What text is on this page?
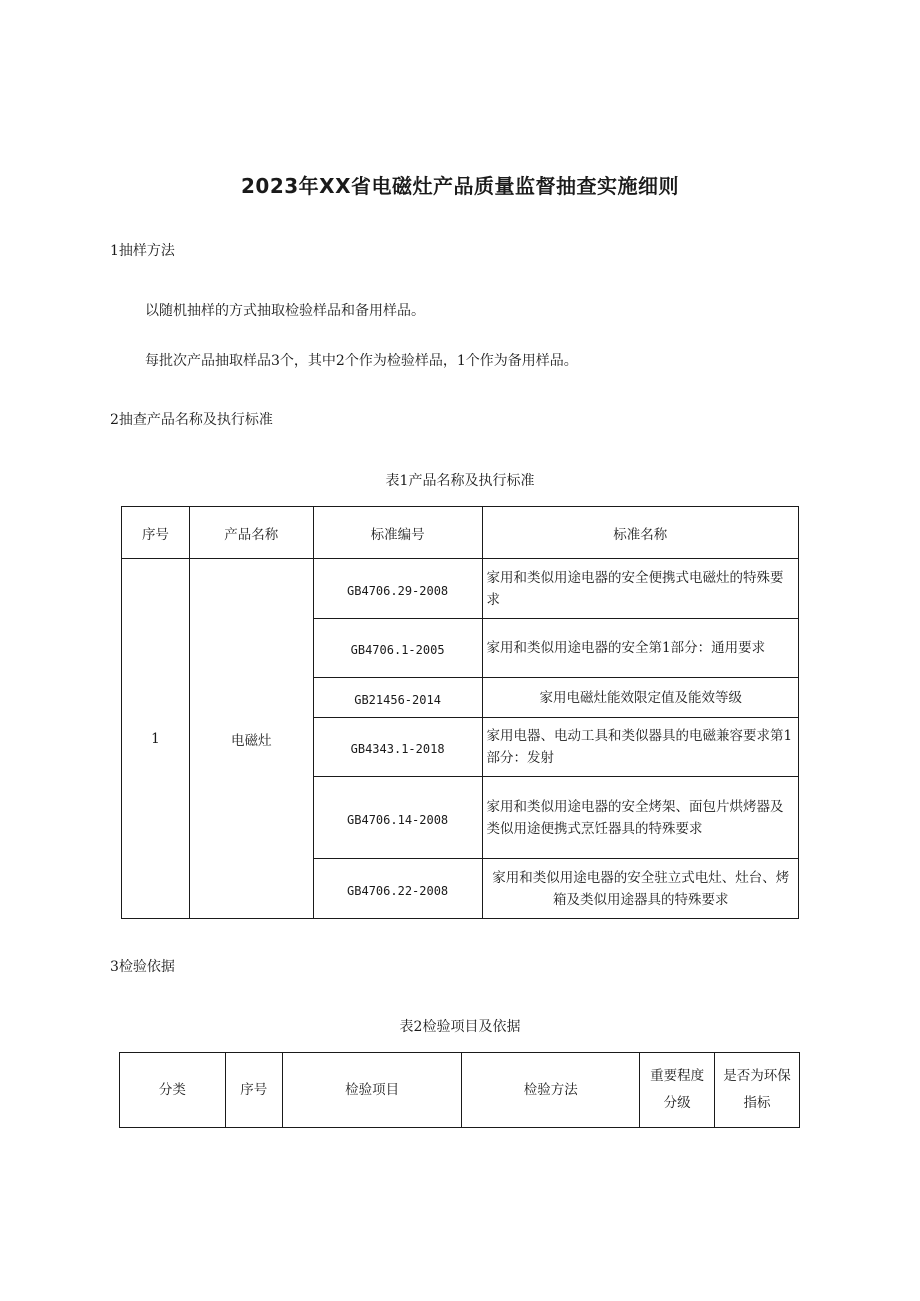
2023年XX省电磁灶产品质量监督抽查实施细则
1抽样方法
以随机抽样的方式抽取检验样品和备用样品。
每批次产品抽取样品3个，其中2个作为检验样品，1个作为备用样品。
2抽查产品名称及执行标准
表1产品名称及执行标准
序号	产品名称	标准编号	标准名称
1	电磁灶	GB4706.29-2008	家用和类似用途电器的安全便携式电磁灶的特殊要求
		GB4706.1-2005	家用和类似用途电器的安全第1部分：通用要求
		GB21456-2014	家用电磁灶能效限定值及能效等级
		GB4343.1-2018	家用电器、电动工具和类似器具的电磁兼容要求第1部分：发射
		GB4706.14-2008	家用和类似用途电器的安全烤架、面包片烘烤器及类似用途便携式烹饪器具的特殊要求
		GB4706.22-2008	家用和类似用途电器的安全驻立式电灶、灶台、烤箱及类似用途器具的特殊要求
3检验依据
表2检验项目及依据
分类	序号	检验项目	检验方法	重要程度分级	是否为环保指标
